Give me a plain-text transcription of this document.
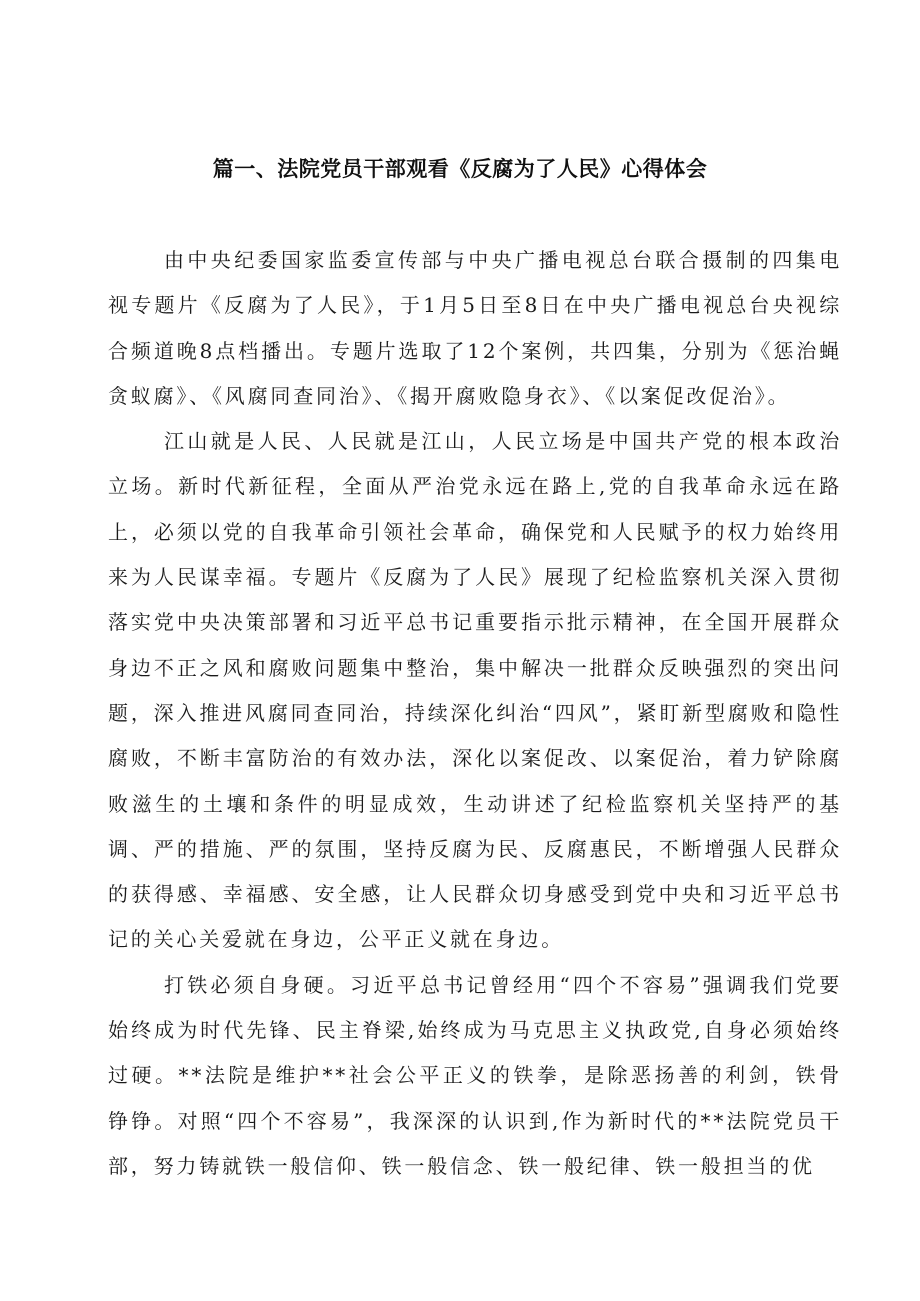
篇一、法院党员干部观看《反腐为了人民》心得体会

由中央纪委国家监委宣传部与中央广播电视总台联合摄制的四集电视专题片《反腐为了人民》，于1月5日至8日在中央广播电视总台央视综合频道晚8点档播出。专题片选取了12个案例，共四集，分别为《惩治蝇贪蚁腐》、《风腐同查同治》、《揭开腐败隐身衣》、《以案促改促治》。

江山就是人民、人民就是江山，人民立场是中国共产党的根本政治立场。新时代新征程，全面从严治党永远在路上,党的自我革命永远在路上，必须以党的自我革命引领社会革命，确保党和人民赋予的权力始终用来为人民谋幸福。专题片《反腐为了人民》展现了纪检监察机关深入贯彻落实党中央决策部署和习近平总书记重要指示批示精神，在全国开展群众身边不正之风和腐败问题集中整治，集中解决一批群众反映强烈的突出问题，深入推进风腐同查同治，持续深化纠治“四风”，紧盯新型腐败和隐性腐败，不断丰富防治的有效办法，深化以案促改、以案促治，着力铲除腐败滋生的土壤和条件的明显成效，生动讲述了纪检监察机关坚持严的基调、严的措施、严的氛围，坚持反腐为民、反腐惠民，不断增强人民群众的获得感、幸福感、安全感，让人民群众切身感受到党中央和习近平总书记的关心关爱就在身边，公平正义就在身边。

打铁必须自身硬。习近平总书记曾经用“四个不容易”强调我们党要始终成为时代先锋、民主脊梁,始终成为马克思主义执政党,自身必须始终过硬。**法院是维护**社会公平正义的铁拳，是除恶扬善的利剑，铁骨铮铮。对照“四个不容易”，我深深的认识到,作为新时代的**法院党员干部，努力铸就铁一般信仰、铁一般信念、铁一般纪律、铁一般担当的优
